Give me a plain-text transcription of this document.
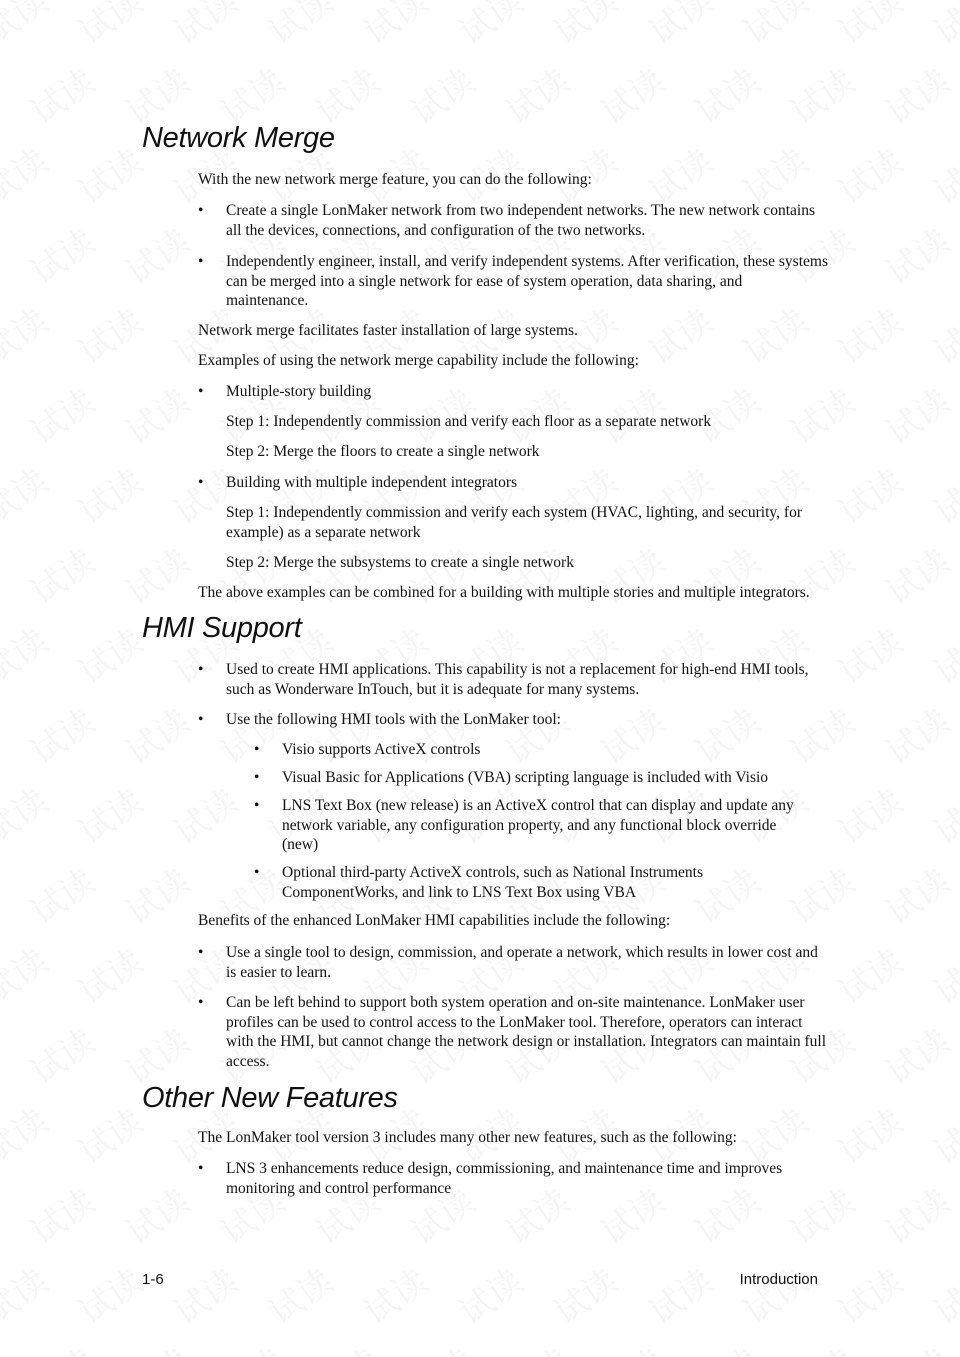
Network Merge

With the new network merge feature, you can do the following:

•	Create a single LonMaker network from two independent networks. The new network contains all the devices, connections, and configuration of the two networks.
•	Independently engineer, install, and verify independent systems. After verification, these systems can be merged into a single network for ease of system operation, data sharing, and maintenance.

Network merge facilitates faster installation of large systems.

Examples of using the network merge capability include the following:

•	Multiple-story building
Step 1: Independently commission and verify each floor as a separate network
Step 2: Merge the floors to create a single network
•	Building with multiple independent integrators
Step 1: Independently commission and verify each system (HVAC, lighting, and security, for example) as a separate network
Step 2: Merge the subsystems to create a single network

The above examples can be combined for a building with multiple stories and multiple integrators.

HMI Support
•	Used to create HMI applications. This capability is not a replacement for high-end HMI tools, such as Wonderware InTouch, but it is adequate for many systems.
•	Use the following HMI tools with the LonMaker tool:
•	Visio supports ActiveX controls
•	Visual Basic for Applications (VBA) scripting language is included with Visio
•	LNS Text Box (new release) is an ActiveX control that can display and update any network variable, any configuration property, and any functional block override (new)
•	Optional third-party ActiveX controls, such as National Instruments ComponentWorks, and link to LNS Text Box using VBA

Benefits of the enhanced LonMaker HMI capabilities include the following:

•	Use a single tool to design, commission, and operate a network, which results in lower cost and is easier to learn.
•	Can be left behind to support both system operation and on-site maintenance. LonMaker user profiles can be used to control access to the LonMaker tool. Therefore, operators can interact with the HMI, but cannot change the network design or installation. Integrators can maintain full access.
Other New Features

The LonMaker tool version 3 includes many other new features, such as the following:

•	LNS 3 enhancements reduce design, commissioning, and maintenance time and improves monitoring and control performance
1-6	Introduction
